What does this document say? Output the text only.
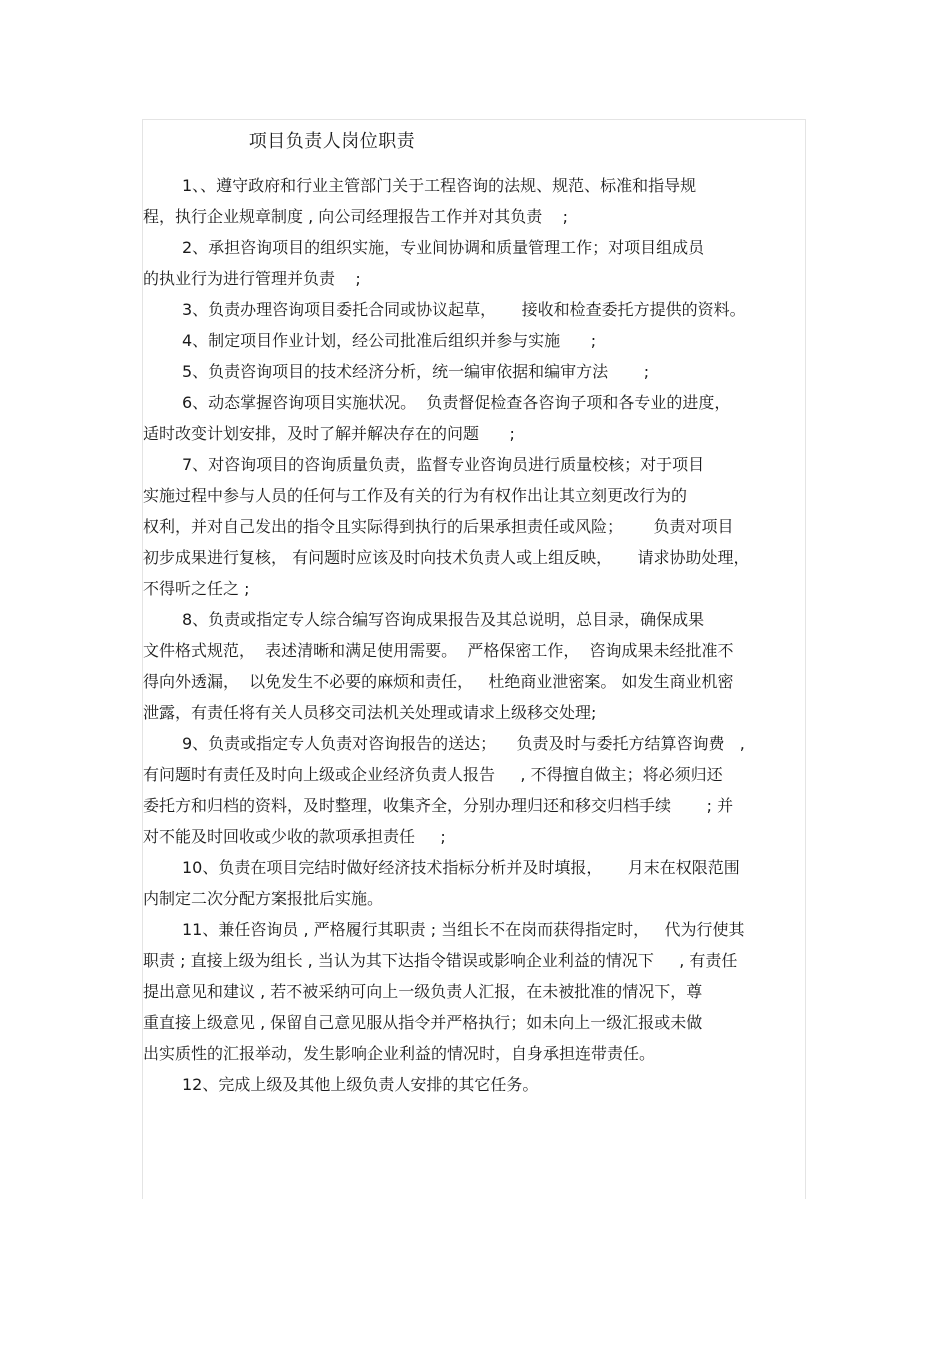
项目负责人岗位职责
1、、遵守政府和行业主管部门关于工程咨询的法规、规范、标准和指导规
程，执行企业规章制度 , 向公司经理报告工作并对其负责    ;
2、承担咨询项目的组织实施，专业间协调和质量管理工作；对项目组成员
的执业行为进行管理并负责    ;
3、负责办理咨询项目委托合同或协议起草，     接收和检查委托方提供的资料。
4、制定项目作业计划，经公司批准后组织并参与实施      ;
5、负责咨询项目的技术经济分析，统一编审依据和编审方法       ;
6、动态掌握咨询项目实施状况。  负责督促检查各咨询子项和各专业的进度，
适时改变计划安排，及时了解并解决存在的问题      ;
7、对咨询项目的咨询质量负责，监督专业咨询员进行质量校核；对于项目
实施过程中参与人员的任何与工作及有关的行为有权作出让其立刻更改行为的
权利，并对自己发出的指令且实际得到执行的后果承担责任或风险；      负责对项目
初步成果进行复核， 有问题时应该及时向技术负责人或上组反映，     请求协助处理，
不得听之任之 ;
8、负责或指定专人综合编写咨询成果报告及其总说明，总目录，确保成果
文件格式规范，  表述清晰和满足使用需要。  严格保密工作，  咨询成果未经批准不
得向外透漏，  以免发生不必要的麻烦和责任，   杜绝商业泄密案。 如发生商业机密
泄露，有责任将有关人员移交司法机关处理或请求上级移交处理;
9、负责或指定专人负责对咨询报告的送达；    负责及时与委托方结算咨询费   ,
有问题时有责任及时向上级或企业经济负责人报告     , 不得擅自做主；将必须归还
委托方和归档的资料，及时整理，收集齐全，分别办理归还和移交归档手续       ; 并
对不能及时回收或少收的款项承担责任     ;
10、负责在项目完结时做好经济技术指标分析并及时填报，     月末在权限范围
内制定二次分配方案报批后实施。
11、兼任咨询员 , 严格履行其职责 ; 当组长不在岗而获得指定时，   代为行使其
职责 ; 直接上级为组长 , 当认为其下达指令错误或影响企业利益的情况下     , 有责任
提出意见和建议 , 若不被采纳可向上一级负责人汇报，在未被批准的情况下，尊
重直接上级意见 , 保留自己意见服从指令并严格执行；如未向上一级汇报或未做
出实质性的汇报举动，发生影响企业利益的情况时，自身承担连带责任。
12、完成上级及其他上级负责人安排的其它任务。
